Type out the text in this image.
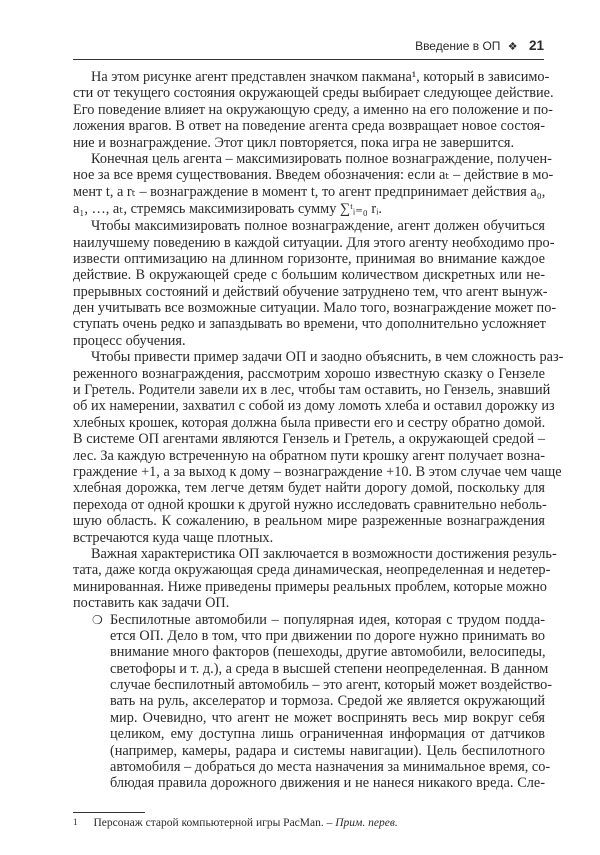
Введение в ОП ❖ 21
На этом рисунке агент представлен значком пакмана¹, который в зависимо-
сти от текущего состояния окружающей среды выбирает следующее действие.
Его поведение влияет на окружающую среду, а именно на его положение и по-
ложения врагов. В ответ на поведение агента среда возвращает новое состоя-
ние и вознаграждение. Этот цикл повторяется, пока игра не завершится.
Конечная цель агента – максимизировать полное вознаграждение, получен-
ное за все время существования. Введем обозначения: если aₜ – действие в мо-
мент t, а rₜ – вознаграждение в момент t, то агент предпринимает действия a₀,
a₁, …, aₜ, стремясь максимизировать сумму ∑ᵗᵢ₌₀ rᵢ.
Чтобы максимизировать полное вознаграждение, агент должен обучиться
наилучшему поведению в каждой ситуации. Для этого агенту необходимо про-
извести оптимизацию на длинном горизонте, принимая во внимание каждое
действие. В окружающей среде с большим количеством дискретных или не-
прерывных состояний и действий обучение затруднено тем, что агент вынуж-
ден учитывать все возможные ситуации. Мало того, вознаграждение может по-
ступать очень редко и запаздывать во времени, что дополнительно усложняет
процесс обучения.
Чтобы привести пример задачи ОП и заодно объяснить, в чем сложность раз-
реженного вознаграждения, рассмотрим хорошо известную сказку о Гензеле
и Гретель. Родители завели их в лес, чтобы там оставить, но Гензель, знавший
об их намерении, захватил с собой из дому ломоть хлеба и оставил дорожку из
хлебных крошек, которая должна была привести его и сестру обратно домой.
В системе ОП агентами являются Гензель и Гретель, а окружающей средой –
лес. За каждую встреченную на обратном пути крошку агент получает возна-
граждение +1, а за выход к дому – вознаграждение +10. В этом случае чем чаще
хлебная дорожка, тем легче детям будет найти дорогу домой, поскольку для
перехода от одной крошки к другой нужно исследовать сравнительно неболь-
шую область. К сожалению, в реальном мире разреженные вознаграждения
встречаются куда чаще плотных.
Важная характеристика ОП заключается в возможности достижения резуль-
тата, даже когда окружающая среда динамическая, неопределенная и недетер-
минированная. Ниже приведены примеры реальных проблем, которые можно
поставить как задачи ОП.
❍ Беспилотные автомобили – популярная идея, которая с трудом подда-
ется ОП. Дело в том, что при движении по дороге нужно принимать во
внимание много факторов (пешеходы, другие автомобили, велосипеды,
светофоры и т. д.), а среда в высшей степени неопределенная. В данном
случае беспилотный автомобиль – это агент, который может воздейство-
вать на руль, акселератор и тормоза. Средой же является окружающий
мир. Очевидно, что агент не может воспринять весь мир вокруг себя
целиком, ему доступна лишь ограниченная информация от датчиков
(например, камеры, радара и системы навигации). Цель беспилотного
автомобиля – добраться до места назначения за минимальное время, со-
блюдая правила дорожного движения и не нанеся никакого вреда. Сле-
$^1$ Персонаж старой компьютерной игры PacMan. – Прим. перев.
